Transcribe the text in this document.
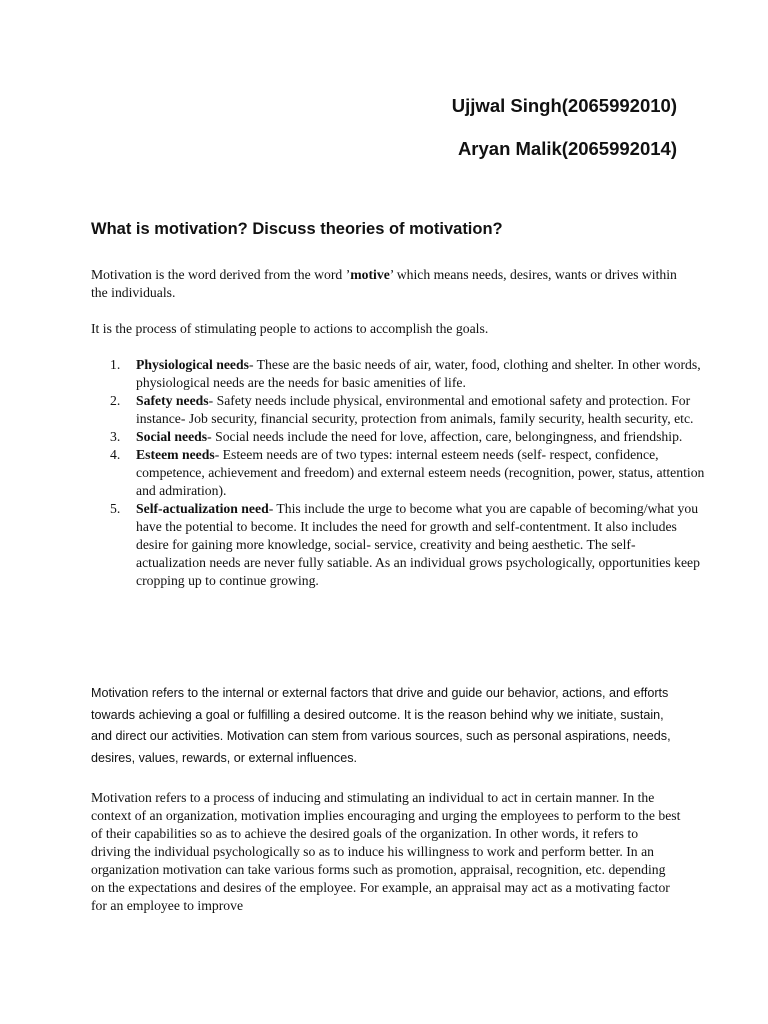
Ujjwal Singh(2065992010)
Aryan Malik(2065992014)
What is motivation? Discuss theories of motivation?
Motivation is the word derived from the word ’motive’ which means needs, desires, wants or drives within the individuals.
It is the process of stimulating people to actions to accomplish the goals.
1. Physiological needs- These are the basic needs of air, water, food, clothing and shelter. In other words, physiological needs are the needs for basic amenities of life.
2. Safety needs- Safety needs include physical, environmental and emotional safety and protection. For instance- Job security, financial security, protection from animals, family security, health security, etc.
3. Social needs- Social needs include the need for love, affection, care, belongingness, and friendship.
4. Esteem needs- Esteem needs are of two types: internal esteem needs (self- respect, confidence, competence, achievement and freedom) and external esteem needs (recognition, power, status, attention and admiration).
5. Self-actualization need- This include the urge to become what you are capable of becoming/what you have the potential to become. It includes the need for growth and self-contentment. It also includes desire for gaining more knowledge, social- service, creativity and being aesthetic. The self- actualization needs are never fully satiable. As an individual grows psychologically, opportunities keep cropping up to continue growing.
Motivation refers to the internal or external factors that drive and guide our behavior, actions, and efforts towards achieving a goal or fulfilling a desired outcome. It is the reason behind why we initiate, sustain, and direct our activities. Motivation can stem from various sources, such as personal aspirations, needs, desires, values, rewards, or external influences.
Motivation refers to a process of inducing and stimulating an individual to act in certain manner. In the context of an organization, motivation implies encouraging and urging the employees to perform to the best of their capabilities so as to achieve the desired goals of the organization. In other words, it refers to driving the individual psychologically so as to induce his willingness to work and perform better. In an organization motivation can take various forms such as promotion, appraisal, recognition, etc. depending on the expectations and desires of the employee. For example, an appraisal may act as a motivating factor for an employee to improve
